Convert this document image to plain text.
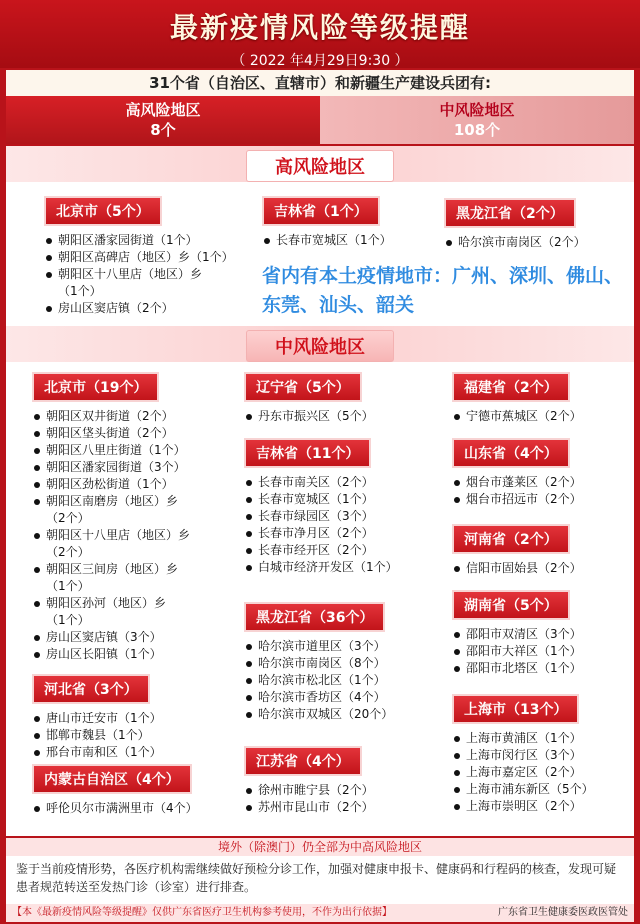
最新疫情风险等级提醒
（ 2022 年4月29日9:30 ）
31个省（自治区、直辖市）和新疆生产建设兵团有:
高风险地区
8个
中风险地区
108个
高风险地区
北京市（5个）
朝阳区潘家园街道（1个）
朝阳区高碑店（地区）乡（1个）
朝阳区十八里店（地区）乡
（1个）
房山区窦店镇（2个）
吉林省（1个）
长春市宽城区（1个）
黑龙江省（2个）
哈尔滨市南岗区（2个）
省内有本土疫情地市：广州、深圳、佛山、东莞、汕头、韶关
中风险地区
北京市（19个）
朝阳区双井街道（2个）
朝阳区垡头街道（2个）
朝阳区八里庄街道（1个）
朝阳区潘家园街道（3个）
朝阳区劲松街道（1个）
朝阳区南磨房（地区）乡
（2个）
朝阳区十八里店（地区）乡
（2个）
朝阳区三间房（地区）乡
（1个）
朝阳区孙河（地区）乡
（1个）
房山区窦店镇（3个）
房山区长阳镇（1个）
河北省（3个）
唐山市迁安市（1个）
邯郸市魏县（1个）
邢台市南和区（1个）
内蒙古自治区（4个）
呼伦贝尔市满洲里市（4个）
辽宁省（5个）
丹东市振兴区（5个）
吉林省（11个）
长春市南关区（2个）
长春市宽城区（1个）
长春市绿园区（3个）
长春市净月区（2个）
长春市经开区（2个）
白城市经济开发区（1个）
黑龙江省（36个）
哈尔滨市道里区（3个）
哈尔滨市南岗区（8个）
哈尔滨市松北区（1个）
哈尔滨市香坊区（4个）
哈尔滨市双城区（20个）
江苏省（4个）
徐州市睢宁县（2个）
苏州市昆山市（2个）
福建省（2个）
宁德市蕉城区（2个）
山东省（4个）
烟台市蓬莱区（2个）
烟台市招远市（2个）
河南省（2个）
信阳市固始县（2个）
湖南省（5个）
邵阳市双清区（3个）
邵阳市大祥区（1个）
邵阳市北塔区（1个）
上海市（13个）
上海市黄浦区（1个）
上海市闵行区（3个）
上海市嘉定区（2个）
上海市浦东新区（5个）
上海市崇明区（2个）
境外（除澳门）仍全部为中高风险地区
鉴于当前疫情形势，各医疗机构需继续做好预检分诊工作，加强对健康申报卡、健康码和行程码的核查，发现可疑患者规范转送至发热门诊（诊室）进行排查。
【本《最新疫情风险等级提醒》仅供广东省医疗卫生机构参考使用，不作为出行依据】	广东省卫生健康委医政医管处
